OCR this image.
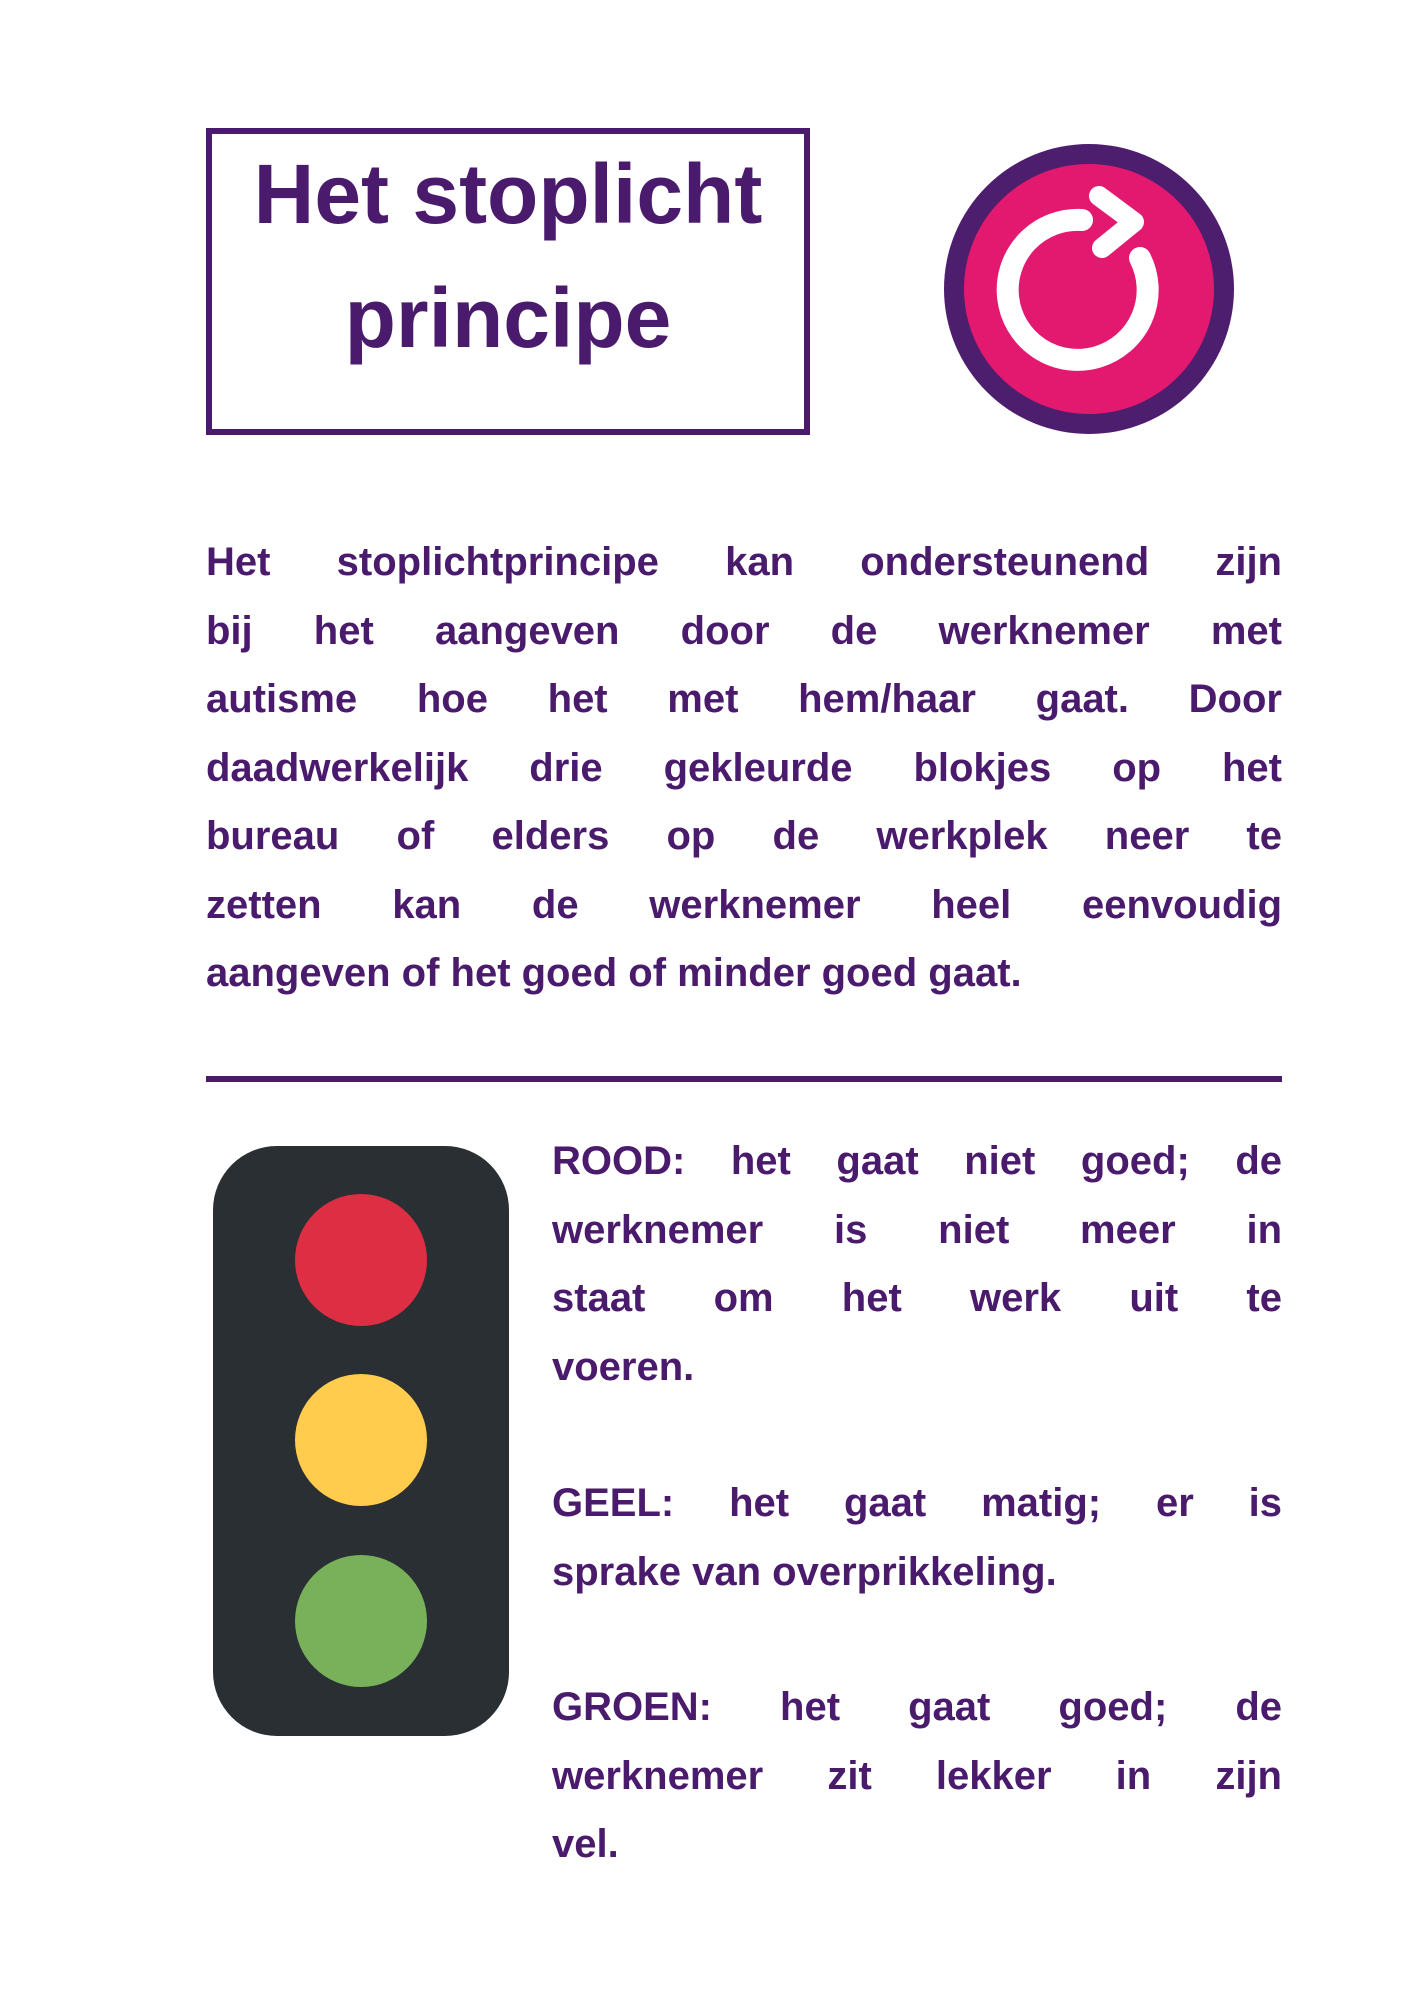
Het stoplicht
principe
Het stoplichtprincipe kan ondersteunend zijn
bij het aangeven door de werknemer met
autisme hoe het met hem/haar gaat. Door
daadwerkelijk drie gekleurde blokjes op het
bureau of elders op de werkplek neer te
zetten kan de werknemer heel eenvoudig
aangeven of het goed of minder goed gaat.
ROOD: het gaat niet goed; de
werknemer is niet meer in
staat om het werk uit te
voeren.
GEEL: het gaat matig; er is
sprake van overprikkeling.
GROEN: het gaat goed; de
werknemer zit lekker in zijn
vel.
